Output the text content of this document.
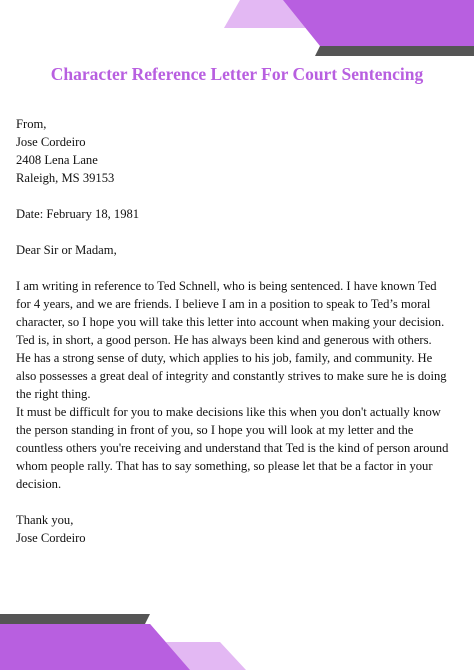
Character Reference Letter For Court Sentencing
From,
Jose Cordeiro
2408 Lena Lane
Raleigh, MS 39153
Date: February 18, 1981
Dear Sir or Madam,
I am writing in reference to Ted Schnell, who is being sentenced. I have known Ted
for 4 years, and we are friends. I believe I am in a position to speak to Ted’s moral
character, so I hope you will take this letter into account when making your decision.
Ted is, in short, a good person. He has always been kind and generous with others.
He has a strong sense of duty, which applies to his job, family, and community. He
also possesses a great deal of integrity and constantly strives to make sure he is doing
the right thing.
It must be difficult for you to make decisions like this when you don't actually know
the person standing in front of you, so I hope you will look at my letter and the
countless others you're receiving and understand that Ted is the kind of person around
whom people rally. That has to say something, so please let that be a factor in your
decision.
Thank you,
Jose Cordeiro
